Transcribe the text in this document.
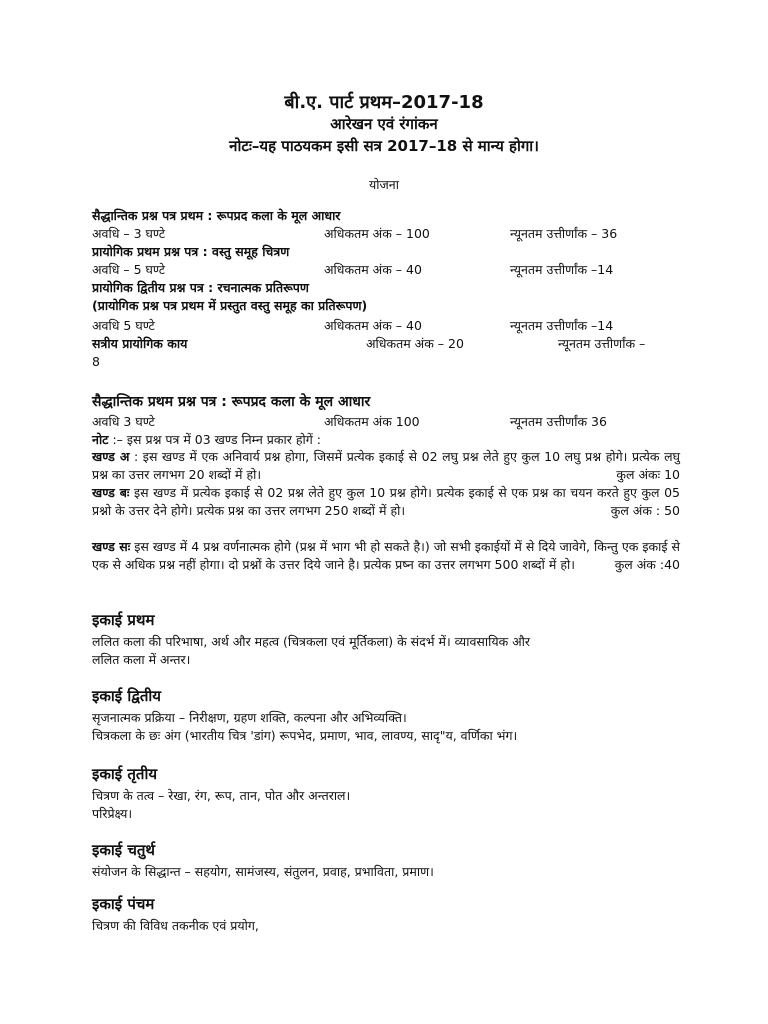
बी.ए. पार्ट प्रथम–2017-18
आरेखन एवं रंगांकन
नोटः–यह पाठयकम इसी सत्र 2017–18 से मान्य होगा।
योजना
सैद्धान्तिक प्रश्न पत्र प्रथम : रूपप्रद कला के मूल आधार
अवधि – 3 घण्टे	अधिकतम अंक – 100	न्यूनतम उत्तीर्णांक – 36
प्रायोगिक प्रथम प्रश्न पत्र : वस्तु समूह चित्रण
अवधि – 5 घण्टे	अधिकतम अंक – 40	न्यूनतम उत्तीर्णांक –14
प्रायोगिक द्वितीय प्रश्न पत्र : रचनात्मक प्रतिरूपण
(प्रायोगिक प्रश्न पत्र प्रथम में प्रस्तुत वस्तु समूह का प्रतिरूपण)
अवधि 5 घण्टे	अधिकतम अंक – 40	न्यूनतम उत्तीर्णांक –14
सत्रीय प्रायोगिक काय	अधिकतम अंक – 20	न्यूनतम उत्तीर्णांक –
8
सैद्धान्तिक प्रथम प्रश्न पत्र : रूपप्रद कला के मूल आधार
अवधि 3 घण्टे	अधिकतम अंक 100	न्यूनतम उत्तीर्णांक 36
नोट :– इस प्रश्न पत्र में 03 खण्ड निम्न प्रकार होगें :
खण्ड अ : इस खण्ड में एक अनिवार्य प्रश्न होगा, जिसमें प्रत्येक इकाई से 02 लघु प्रश्न लेते हुए कुल 10 लघु प्रश्न होगे। प्रत्येक लघु प्रश्न का उत्तर लगभग 20 शब्दों में हो।	कुल अंकः 10
खण्ड बः इस खण्ड में प्रत्येक इकाई से 02 प्रश्न लेते हुए कुल 10 प्रश्न होगे। प्रत्येक इकाई से एक प्रश्न का चयन करते हुए कुल 05 प्रश्नो के उत्तर देने होगे। प्रत्येक प्रश्न का उत्तर लगभग 250 शब्दों में हो।	कुल अंक : 50
खण्ड सः इस खण्ड में 4 प्रश्न वर्णनात्मक होगे (प्रश्न में भाग भी हो सकते है।) जो सभी इकाईयों में से दिये जावेगे, किन्तु एक इकाई से एक से अधिक प्रश्न नहीं होगा। दो प्रश्नों के उत्तर दिये जाने है। प्रत्येक प्रष्न का उत्तर लगभग 500 शब्दों में हो।	कुल अंक :40
इकाई प्रथम
ललित कला की परिभाषा, अर्थ और महत्व (चित्रकला एवं मूर्तिकला) के संदर्भ में। व्यावसायिक और
ललित कला में अन्तर।
इकाई द्वितीय
सृजनात्मक प्रक्रिया – निरीक्षण, ग्रहण शक्ति, कल्पना और अभिव्यक्ति।
चित्रकला के छः अंग (भारतीय चित्र 'डांग) रूपभेद, प्रमाण, भाव, लावण्य, सादृ"य, वर्णिका भंग।
इकाई तृतीय
चित्रण के तत्व – रेखा, रंग, रूप, तान, पोत और अन्तराल।
परिप्रेक्ष्य।
इकाई चतुर्थ
संयोजन के सिद्धान्त – सहयोग, सामंजस्य, संतुलन, प्रवाह, प्रभाविता, प्रमाण।
इकाई पंचम
चित्रण की विविध तकनीक एवं प्रयोग,
